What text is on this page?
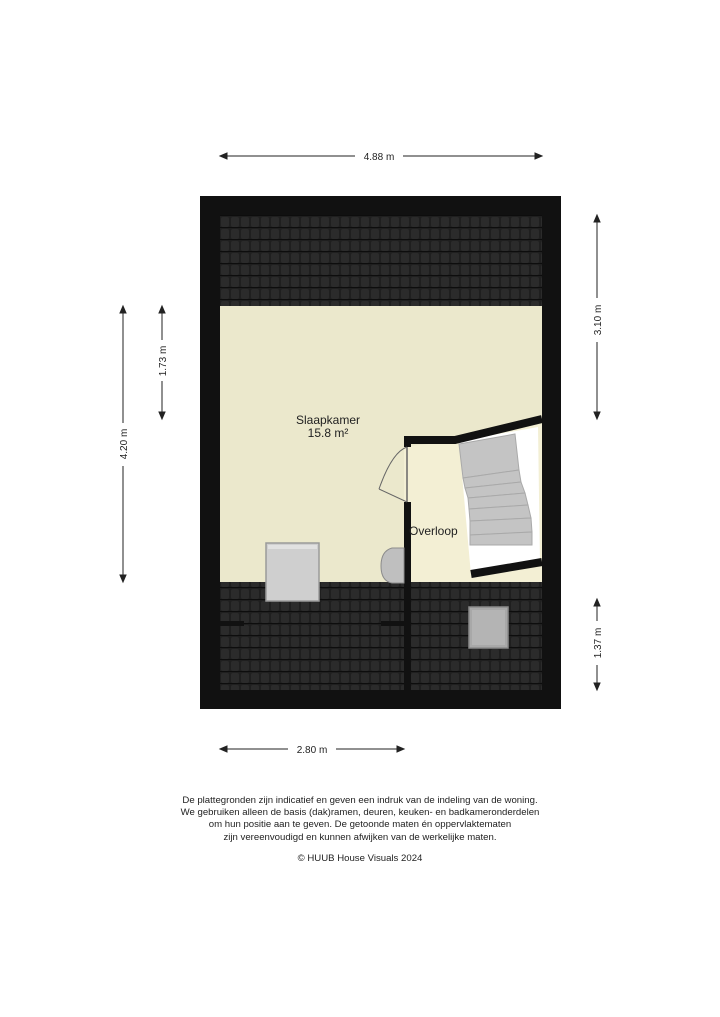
Slaapkamer
15.8 m²
Overloop
4.88 m
2.80 m
4.20 m
1.73 m
3.10 m
1.37 m
De plattegronden zijn indicatief en geven een indruk van de indeling van de woning.
We gebruiken alleen de basis (dak)ramen, deuren, keuken- en badkameronderdelen
om hun positie aan te geven. De getoonde maten én oppervlaktematen
zijn vereenvoudigd en kunnen afwijken van de werkelijke maten.
© HUUB House Visuals 2024
